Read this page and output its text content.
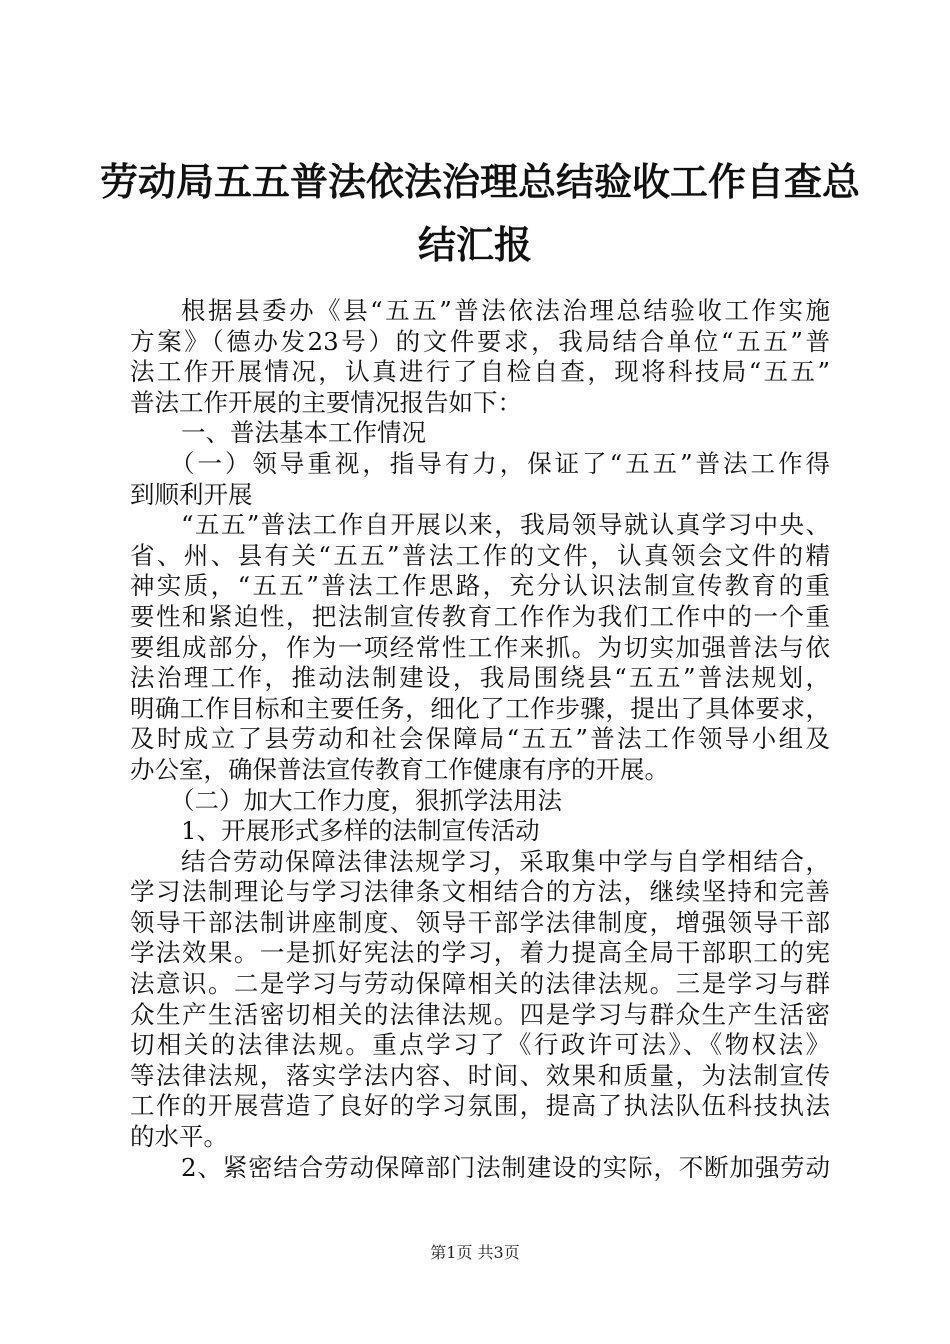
劳动局五五普法依法治理总结验收工作自查总
结汇报
根据县委办《县“五五”普法依法治理总结验收工作实施
方案》（德办发23号）的文件要求，我局结合单位“五五”普
法工作开展情况，认真进行了自检自查，现将科技局“五五”
普法工作开展的主要情况报告如下：
一、普法基本工作情况
（一）领导重视，指导有力，保证了“五五”普法工作得
到顺利开展
“五五”普法工作自开展以来，我局领导就认真学习中央、
省、州、县有关“五五”普法工作的文件，认真领会文件的精
神实质，“五五”普法工作思路，充分认识法制宣传教育的重
要性和紧迫性，把法制宣传教育工作作为我们工作中的一个重
要组成部分，作为一项经常性工作来抓。为切实加强普法与依
法治理工作，推动法制建设，我局围绕县“五五”普法规划，
明确工作目标和主要任务，细化了工作步骤，提出了具体要求，
及时成立了县劳动和社会保障局“五五”普法工作领导小组及
办公室，确保普法宣传教育工作健康有序的开展。
（二）加大工作力度，狠抓学法用法
1、开展形式多样的法制宣传活动
结合劳动保障法律法规学习，采取集中学与自学相结合，
学习法制理论与学习法律条文相结合的方法，继续坚持和完善
领导干部法制讲座制度、领导干部学法律制度，增强领导干部
学法效果。一是抓好宪法的学习，着力提高全局干部职工的宪
法意识。二是学习与劳动保障相关的法律法规。三是学习与群
众生产生活密切相关的法律法规。四是学习与群众生产生活密
切相关的法律法规。重点学习了《行政许可法》、《物权法》
等法律法规，落实学法内容、时间、效果和质量，为法制宣传
工作的开展营造了良好的学习氛围，提高了执法队伍科技执法
的水平。
2、紧密结合劳动保障部门法制建设的实际，不断加强劳动
第1页 共3页
